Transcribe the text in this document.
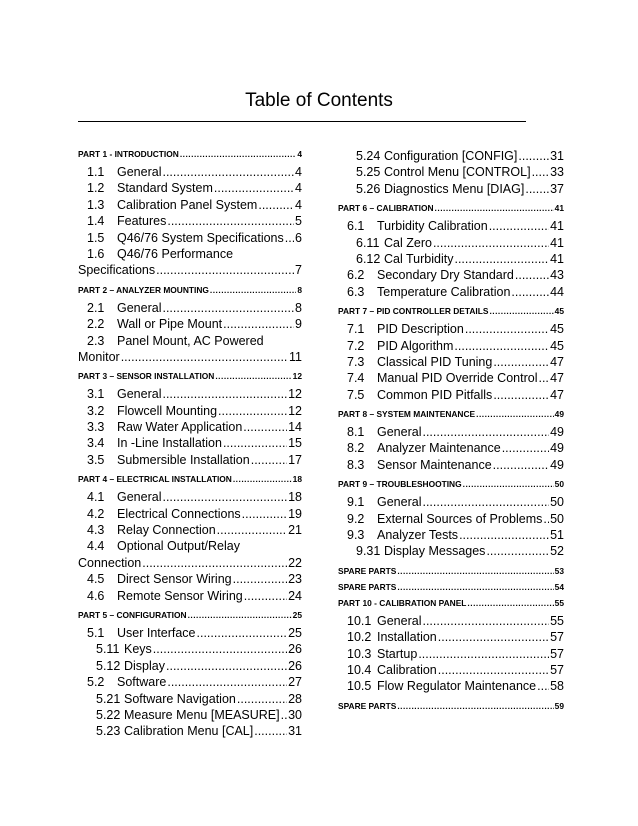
Table of Contents
PART 1 - INTRODUCTION .....	4
1.1	General .....	4
1.2	Standard System .....	4
1.3	Calibration Panel System .....	4
1.4	Features .....	5
1.5	Q46/76 System Specifications ..... 6
1.6	Q46/76 Performance
Specifications .....	7
PART 2 – ANALYZER MOUNTING .....	8
2.1	General .....	8
2.2	Wall or Pipe Mount .....	9
2.3	Panel Mount, AC Powered
Monitor .....	11
PART 3 – SENSOR INSTALLATION .....	12
3.1	General .....	12
3.2	Flowcell Mounting .....	12
3.3	Raw Water Application .....	14
3.4	In -Line Installation .....	15
3.5	Submersible Installation .....	17
PART 4 – ELECTRICAL INSTALLATION .....	18
4.1	General .....	18
4.2	Electrical Connections .....	19
4.3	Relay Connection .....	21
4.4	Optional Output/Relay
Connection .....	22
4.5	Direct Sensor Wiring .....	23
4.6	Remote Sensor Wiring .....	24
PART 5 – CONFIGURATION .....	25
5.1	User Interface .....	25
5.11 Keys .....	26
5.12 Display .....	26
5.2	Software .....	27
5.21 Software Navigation .....	28
5.22 Measure Menu [MEASURE] ..... 30
5.23 Calibration Menu [CAL] .....	31
5.24 Configuration [CONFIG] .....	31
5.25 Control Menu [CONTROL] ..... 33
5.26 Diagnostics Menu [DIAG] ..... 37
PART 6 – CALIBRATION .....	41
6.1	Turbidity Calibration .....	41
6.11 Cal Zero .....	41
6.12 Cal Turbidity .....	41
6.2	Secondary Dry Standard .....	43
6.3	Temperature Calibration .....	44
PART 7 – PID CONTROLLER DETAILS .....	45
7.1	PID Description .....	45
7.2	PID Algorithm .....	45
7.3	Classical PID Tuning .....	47
7.4	Manual PID Override Control ..... 47
7.5	Common PID Pitfalls .....	47
PART 8 – SYSTEM MAINTENANCE .....	49
8.1	General .....	49
8.2	Analyzer Maintenance .....	49
8.3	Sensor Maintenance .....	49
PART 9 – TROUBLESHOOTING .....	50
9.1	General .....	50
9.2	External Sources of Problems ..... 50
9.3	Analyzer Tests .....	51
9.31 Display Messages .....	52
SPARE PARTS .....	53
SPARE PARTS .....	54
PART 10 - CALIBRATION PANEL .....	55
10.1 General .....	55
10.2 Installation .....	57
10.3 Startup .....	57
10.4 Calibration .....	57
10.5 Flow Regulator Maintenance ..... 58
SPARE PARTS .....	59
